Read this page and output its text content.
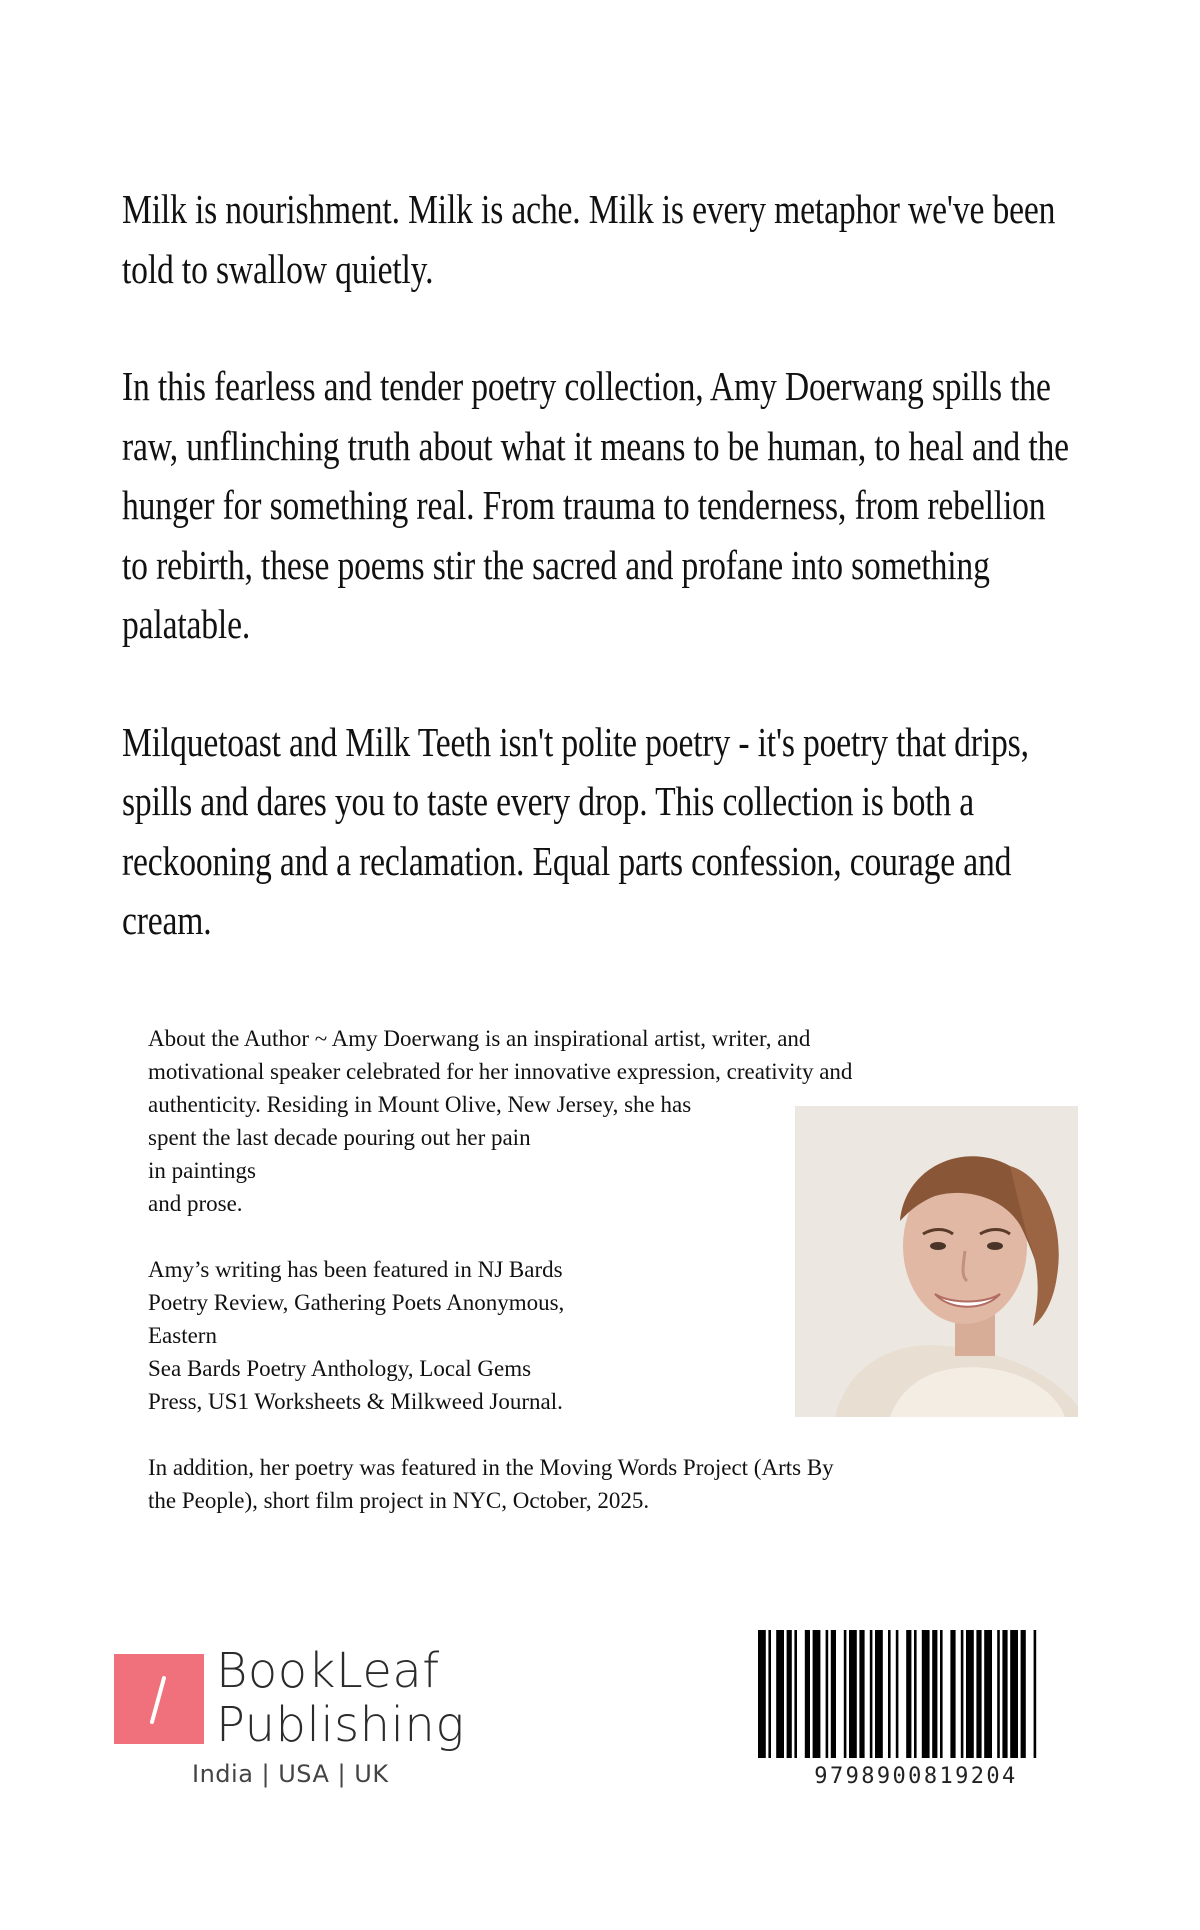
Milk is nourishment. Milk is ache. Milk is every metaphor we've been
told to swallow quietly.

In this fearless and tender poetry collection, Amy Doerwang spills the
raw, unflinching truth about what it means to be human, to heal and the
hunger for something real. From trauma to tenderness, from rebellion
to rebirth, these poems stir the sacred and profane into something
palatable.

Milquetoast and Milk Teeth isn't polite poetry - it's poetry that drips,
spills and dares you to taste every drop. This collection is both a
reckooning and a reclamation. Equal parts confession, courage and
cream.

About the Author ~ Amy Doerwang is an inspirational artist, writer, and
motivational speaker celebrated for her innovative expression, creativity and
authenticity. Residing in Mount Olive, New Jersey, she has
spent the last decade pouring out her pain
in paintings
and prose.

Amy’s writing has been featured in NJ Bards
Poetry Review, Gathering Poets Anonymous,
Eastern
Sea Bards Poetry Anthology, Local Gems
Press, US1 Worksheets & Milkweed Journal.

In addition, her poetry was featured in the Moving Words Project (Arts By
the People), short film project in NYC, October, 2025.

BookLeaf
Publishing
India | USA | UK	9798900819204
